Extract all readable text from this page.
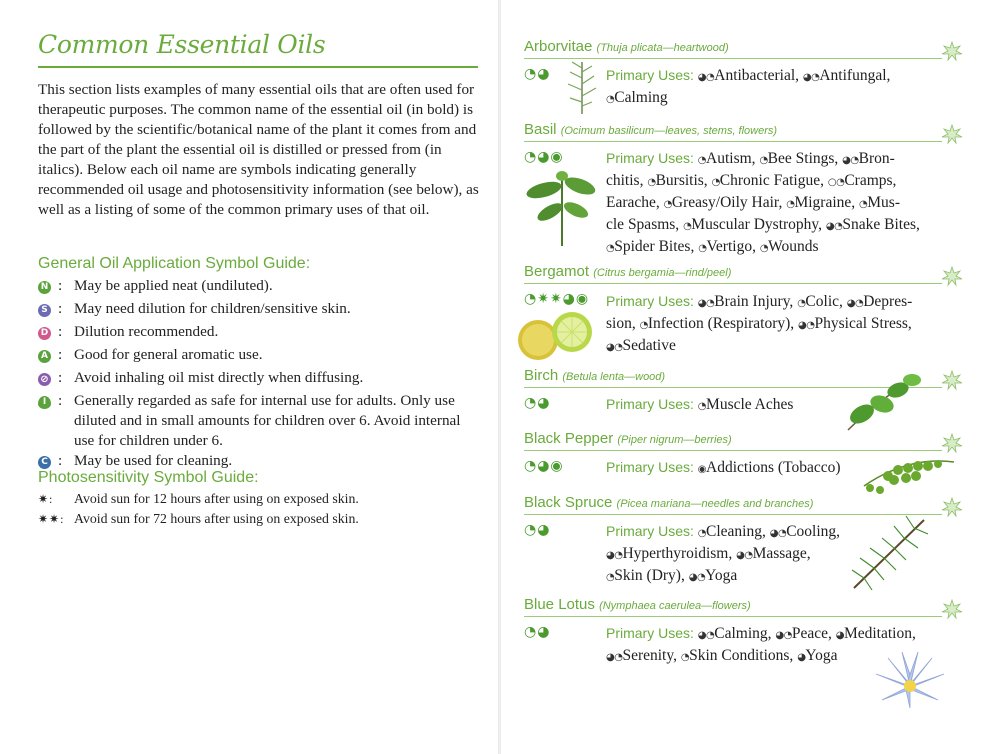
Common Essential Oils
This section lists examples of many essential oils that are often used for therapeutic purposes. The common name of the essential oil (in bold) is followed by the scientific/botanical name of the plant it comes from and the part of the plant the essential oil is distilled or pressed from (in italics). Below each oil name are symbols indicating generally recommended oil usage and photosensitivity information (see below), as well as a listing of some of the common primary uses of that oil.
General Oil Application Symbol Guide:
N
: May be applied neat (undiluted).
S
: May need dilution for children/sensitive skin.
D
: Dilution recommended.
A
: Good for general aromatic use.
⊘
: Avoid inhaling oil mist directly when diffusing.
I
: Generally regarded as safe for internal use for adults. Only use diluted and in small amounts for children over 6. Avoid internal use for children under 6.
C
: May be used for cleaning.
Photosensitivity Symbol Guide:
✷:	Avoid sun for 12 hours after using on exposed skin.
✷✷: Avoid sun for 72 hours after using on exposed skin.
Arborvitae (Thuja plicata—heartwood)
◔◕	Primary Uses: ◕◔Antibacterial, ◕◔Antifungal,
◔Calming
Basil (Ocimum basilicum—leaves, stems, flowers)
◔◕◉	Primary Uses: ◔Autism, ◔Bee Stings, ◕◔Bron-
chitis, ◔Bursitis, ◔Chronic Fatigue, ○◔Cramps,
Earache, ◔Greasy/Oily Hair, ◔Migraine, ◔Mus-
cle Spasms, ◔Muscular Dystrophy, ◕◔Snake Bites,
◔Spider Bites, ◔Vertigo, ◔Wounds
Bergamot (Citrus bergamia—rind/peel)
◔✷✷◕◉ Primary Uses: ◕◔Brain Injury, ◔Colic, ◕◔Depres-
sion, ◔Infection (Respiratory), ◕◔Physical Stress,
◕◔Sedative
Birch (Betula lenta—wood)
◔◕	Primary Uses: ◔Muscle Aches
Black Pepper (Piper nigrum—berries)
◔◕◉	Primary Uses: ◉Addictions (Tobacco)
Black Spruce (Picea mariana—needles and branches)
◔◕	Primary Uses: ◔Cleaning, ◕◔Cooling,
◕◔Hyperthyroidism, ◕◔Massage,
◔Skin (Dry), ◕◔Yoga
Blue Lotus (Nymphaea caerulea—flowers)
◔◕	Primary Uses: ◕◔Calming, ◕◔Peace, ◕Meditation,
◕◔Serenity, ◔Skin Conditions, ◕Yoga
